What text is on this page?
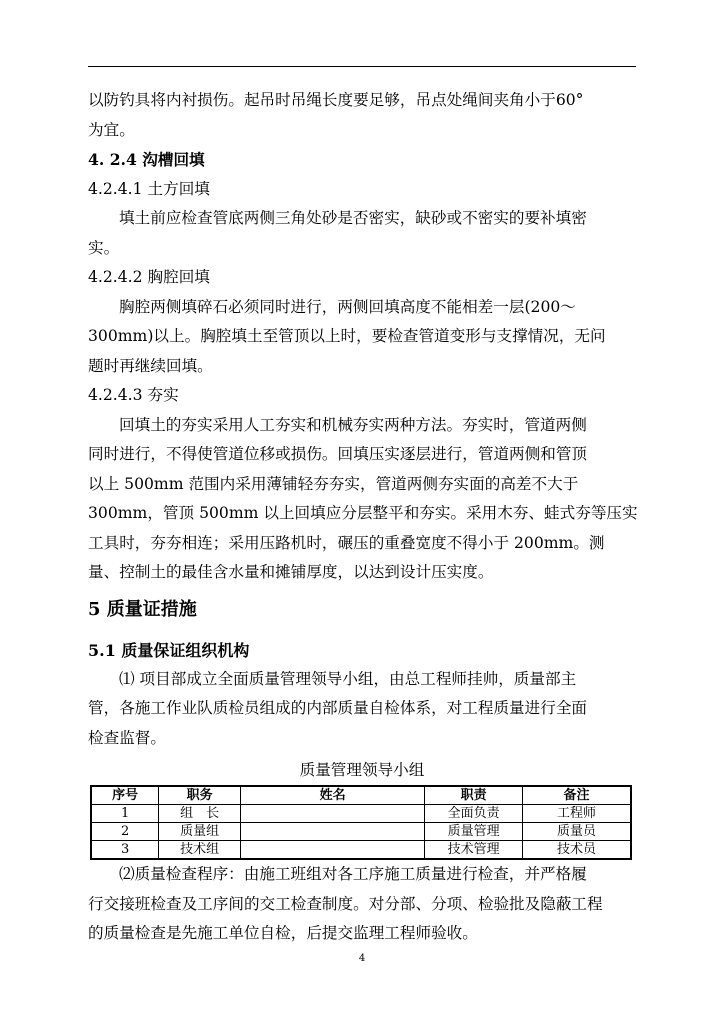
以防钓具将内衬损伤。起吊时吊绳长度要足够，吊点处绳间夹角小于60°
为宜。
4. 2.4 沟槽回填
4.2.4.1 土方回填
填土前应检查管底两侧三角处砂是否密实，缺砂或不密实的要补填密
实。
4.2.4.2 胸腔回填
胸腔两侧填碎石必须同时进行，两侧回填高度不能相差一层(200～
300mm)以上。胸腔填土至管顶以上时，要检查管道变形与支撑情况，无问
题时再继续回填。
4.2.4.3 夯实
回填土的夯实采用人工夯实和机械夯实两种方法。夯实时，管道两侧
同时进行，不得使管道位移或损伤。回填压实逐层进行，管道两侧和管顶
以上 500mm 范围内采用薄铺轻夯夯实，管道两侧夯实面的高差不大于
300mm，管顶 500mm 以上回填应分层整平和夯实。采用木夯、蛙式夯等压实
工具时，夯夯相连；采用压路机时，碾压的重叠宽度不得小于 200mm。测
量、控制土的最佳含水量和摊铺厚度，以达到设计压实度。
5 质量证措施
5.1 质量保证组织机构
⑴ 项目部成立全面质量管理领导小组，由总工程师挂帅，质量部主
管，各施工作业队质检员组成的内部质量自检体系，对工程质量进行全面
检查监督。
质量管理领导小组
序号	职务	姓名	职责	备注
1	组　长		全面负责	工程师
2	质量组		质量管理	质量员
3	技术组		技术管理	技术员
⑵质量检查程序：由施工班组对各工序施工质量进行检查，并严格履
行交接班检查及工序间的交工检查制度。对分部、分项、检验批及隐蔽工程
的质量检查是先施工单位自检，后提交监理工程师验收。
4
